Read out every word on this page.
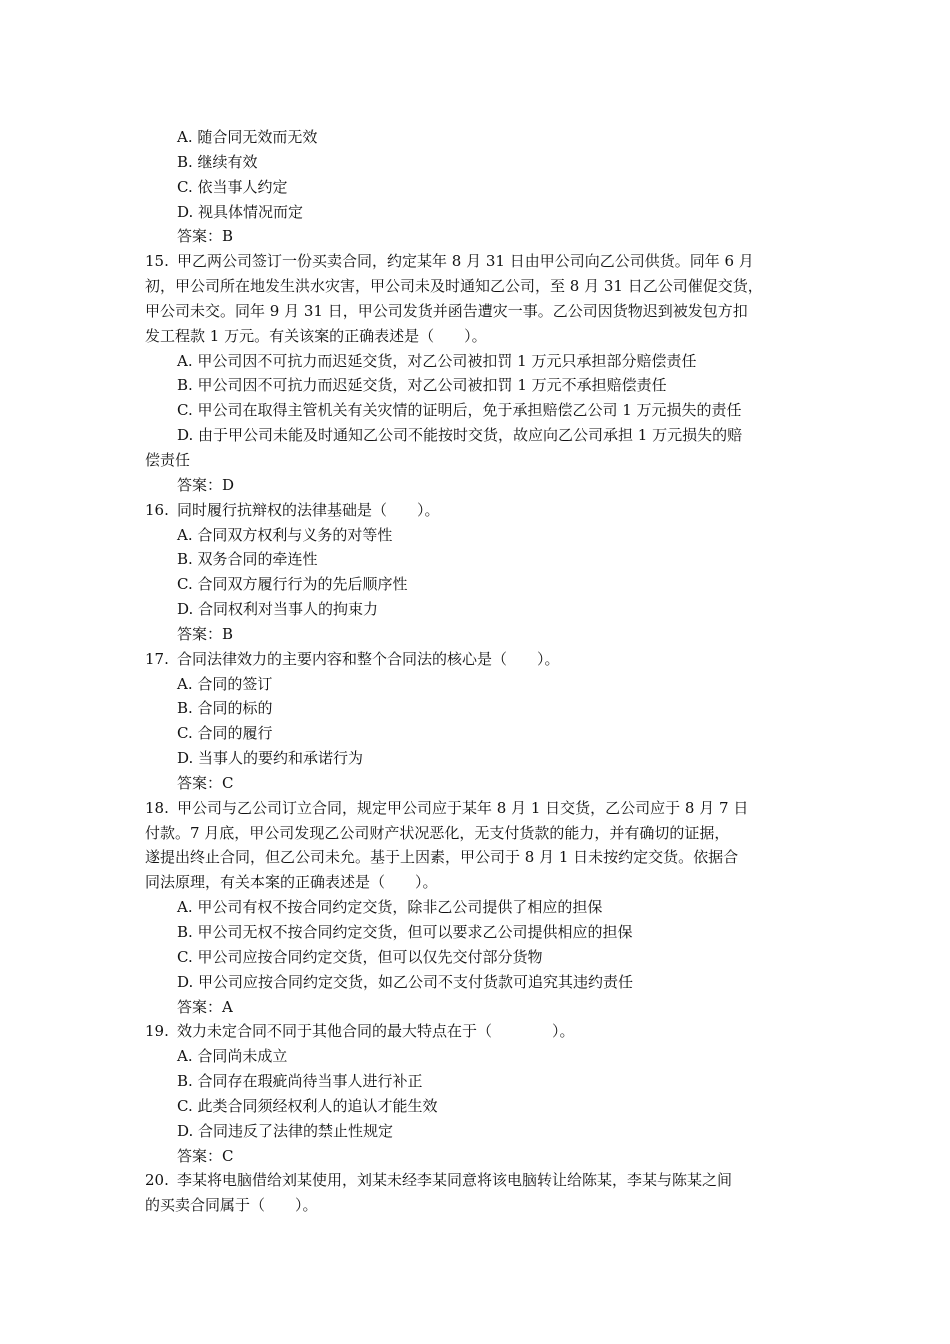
A. 随合同无效而无效
B. 继续有效
C. 依当事人约定
D. 视具体情况而定
答案：B
15. 甲乙两公司签订一份买卖合同，约定某年 8 月 31 日由甲公司向乙公司供货。同年 6 月
初，甲公司所在地发生洪水灾害，甲公司未及时通知乙公司，至 8 月 31 日乙公司催促交货，
甲公司未交。同年 9 月 31 日，甲公司发货并函告遭灾一事。乙公司因货物迟到被发包方扣
发工程款 1 万元。有关该案的正确表述是（　　）。
A. 甲公司因不可抗力而迟延交货，对乙公司被扣罚 1 万元只承担部分赔偿责任
B. 甲公司因不可抗力而迟延交货，对乙公司被扣罚 1 万元不承担赔偿责任
C. 甲公司在取得主管机关有关灾情的证明后，免于承担赔偿乙公司 1 万元损失的责任
D. 由于甲公司未能及时通知乙公司不能按时交货，故应向乙公司承担 1 万元损失的赔
偿责任
答案：D
16. 同时履行抗辩权的法律基础是（　　）。
A. 合同双方权利与义务的对等性
B. 双务合同的牵连性
C. 合同双方履行行为的先后顺序性
D. 合同权利对当事人的拘束力
答案：B
17. 合同法律效力的主要内容和整个合同法的核心是（　　）。
A. 合同的签订
B. 合同的标的
C. 合同的履行
D. 当事人的要约和承诺行为
答案：C
18. 甲公司与乙公司订立合同，规定甲公司应于某年 8 月 1 日交货，乙公司应于 8 月 7 日
付款。7 月底，甲公司发现乙公司财产状况恶化，无支付货款的能力，并有确切的证据，
遂提出终止合同，但乙公司未允。基于上因素，甲公司于 8 月 1 日未按约定交货。依据合
同法原理，有关本案的正确表述是（　　）。
A. 甲公司有权不按合同约定交货，除非乙公司提供了相应的担保
B. 甲公司无权不按合同约定交货，但可以要求乙公司提供相应的担保
C. 甲公司应按合同约定交货，但可以仅先交付部分货物
D. 甲公司应按合同约定交货，如乙公司不支付货款可追究其违约责任
答案：A
19. 效力未定合同不同于其他合同的最大特点在于（　　　　）。
A. 合同尚未成立
B. 合同存在瑕疵尚待当事人进行补正
C. 此类合同须经权利人的追认才能生效
D. 合同违反了法律的禁止性规定
答案：C
20. 李某将电脑借给刘某使用，刘某未经李某同意将该电脑转让给陈某，李某与陈某之间
的买卖合同属于（　　）。
